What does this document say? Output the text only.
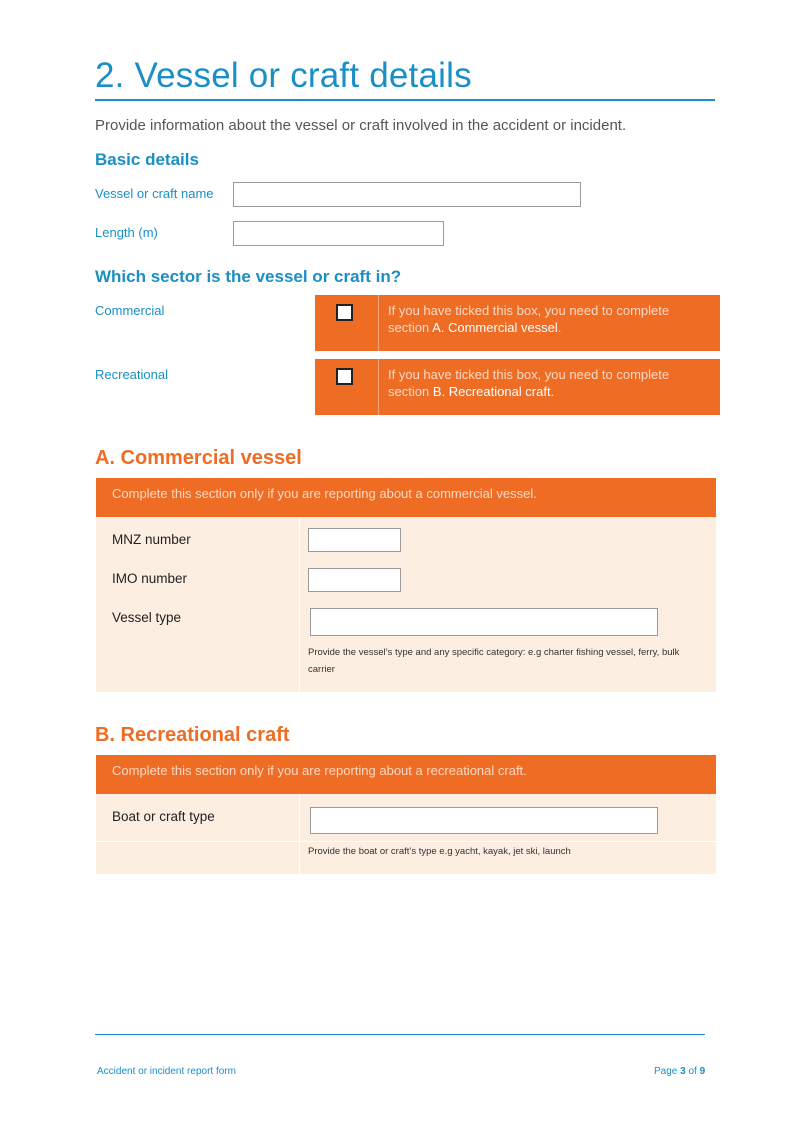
2. Vessel or craft details
Provide information about the vessel or craft involved in the accident or incident.
Basic details
Vessel or craft name
Length (m)
Which sector is the vessel or craft in?
Commercial	If you have ticked this box, you need to complete section A. Commercial vessel.
Recreational	If you have ticked this box, you need to complete section B. Recreational craft.
A. Commercial vessel
Complete this section only if you are reporting about a commercial vessel.
MNZ number
IMO number
Vessel type
Provide the vessel’s type and any specific category: e.g charter fishing vessel, ferry, bulk carrier
B. Recreational craft
Complete this section only if you are reporting about a recreational craft.
Boat or craft type
Provide the boat or craft’s type e.g yacht, kayak, jet ski, launch
Accident or incident report form	Page 3 of 9
